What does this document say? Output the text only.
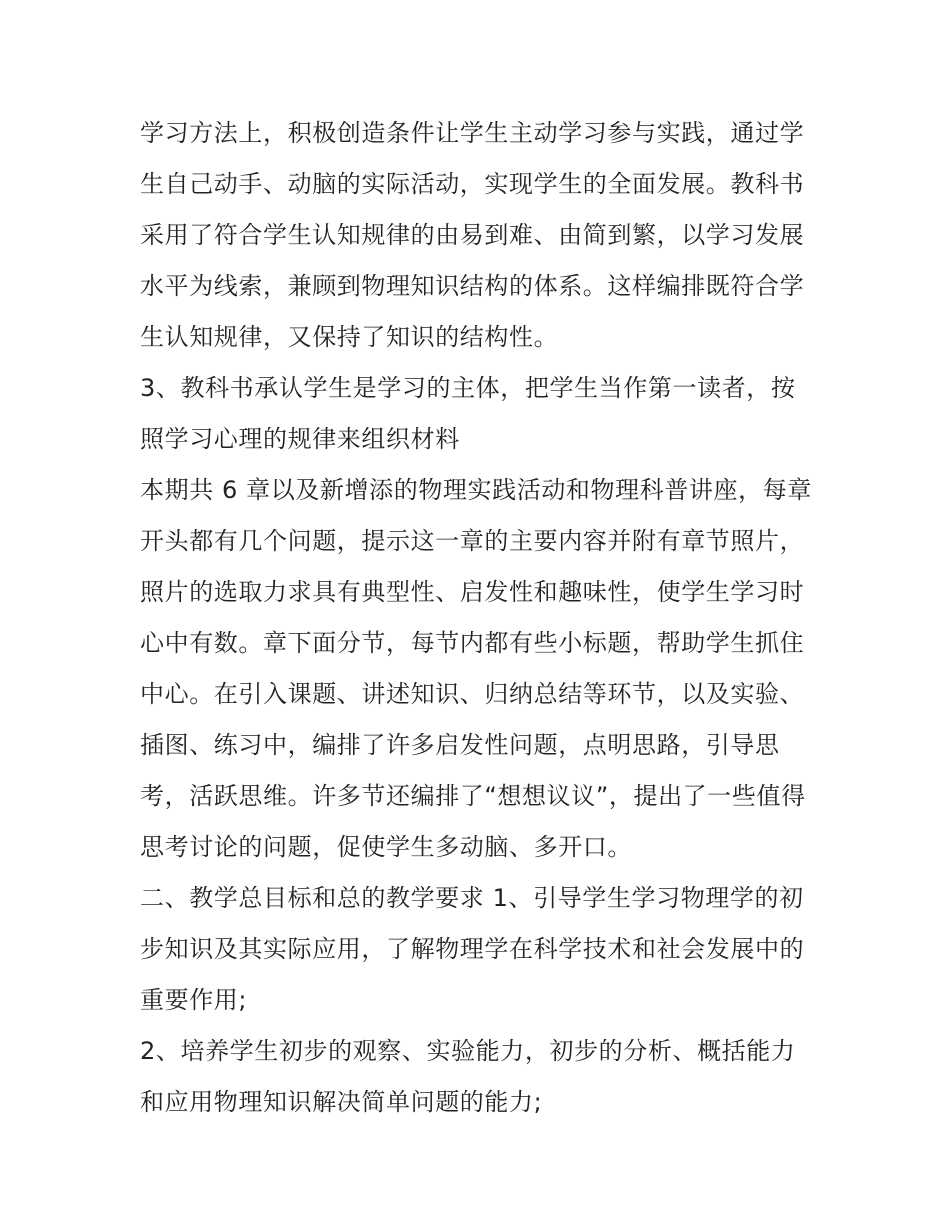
学习方法上，积极创造条件让学生主动学习参与实践，通过学
生自己动手、动脑的实际活动，实现学生的全面发展。教科书
采用了符合学生认知规律的由易到难、由简到繁，以学习发展
水平为线索，兼顾到物理知识结构的体系。这样编排既符合学
生认知规律，又保持了知识的结构性。
3、教科书承认学生是学习的主体，把学生当作第一读者，按
照学习心理的规律来组织材料
本期共 6 章以及新增添的物理实践活动和物理科普讲座，每章
开头都有几个问题，提示这一章的主要内容并附有章节照片，
照片的选取力求具有典型性、启发性和趣味性，使学生学习时
心中有数。章下面分节，每节内都有些小标题，帮助学生抓住
中心。在引入课题、讲述知识、归纳总结等环节，以及实验、
插图、练习中，编排了许多启发性问题，点明思路，引导思
考，活跃思维。许多节还编排了“想想议议”，提出了一些值得
思考讨论的问题，促使学生多动脑、多开口。
二、教学总目标和总的教学要求 1、引导学生学习物理学的初
步知识及其实际应用，了解物理学在科学技术和社会发展中的
重要作用;
2、培养学生初步的观察、实验能力，初步的分析、概括能力
和应用物理知识解决简单问题的能力;
